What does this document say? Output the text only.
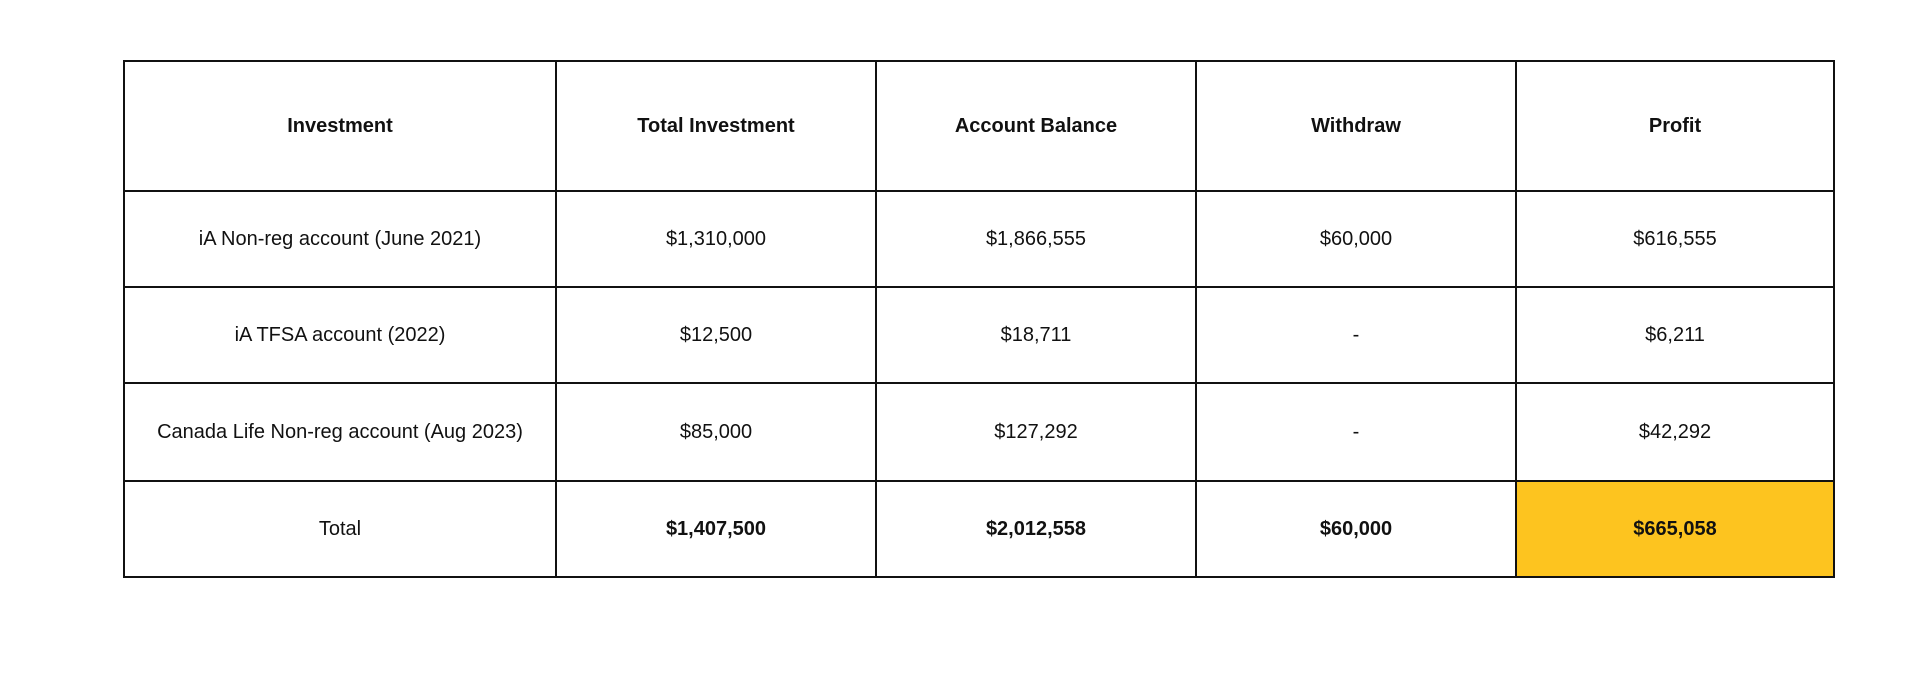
Investment	Total Investment	Account Balance	Withdraw	Profit
iA Non-reg account (June 2021)	$1,310,000	$1,866,555	$60,000	$616,555
iA TFSA account (2022)	$12,500	$18,711	-	$6,211
Canada Life Non-reg account (Aug 2023)	$85,000	$127,292	-	$42,292
Total	$1,407,500	$2,012,558	$60,000	$665,058
